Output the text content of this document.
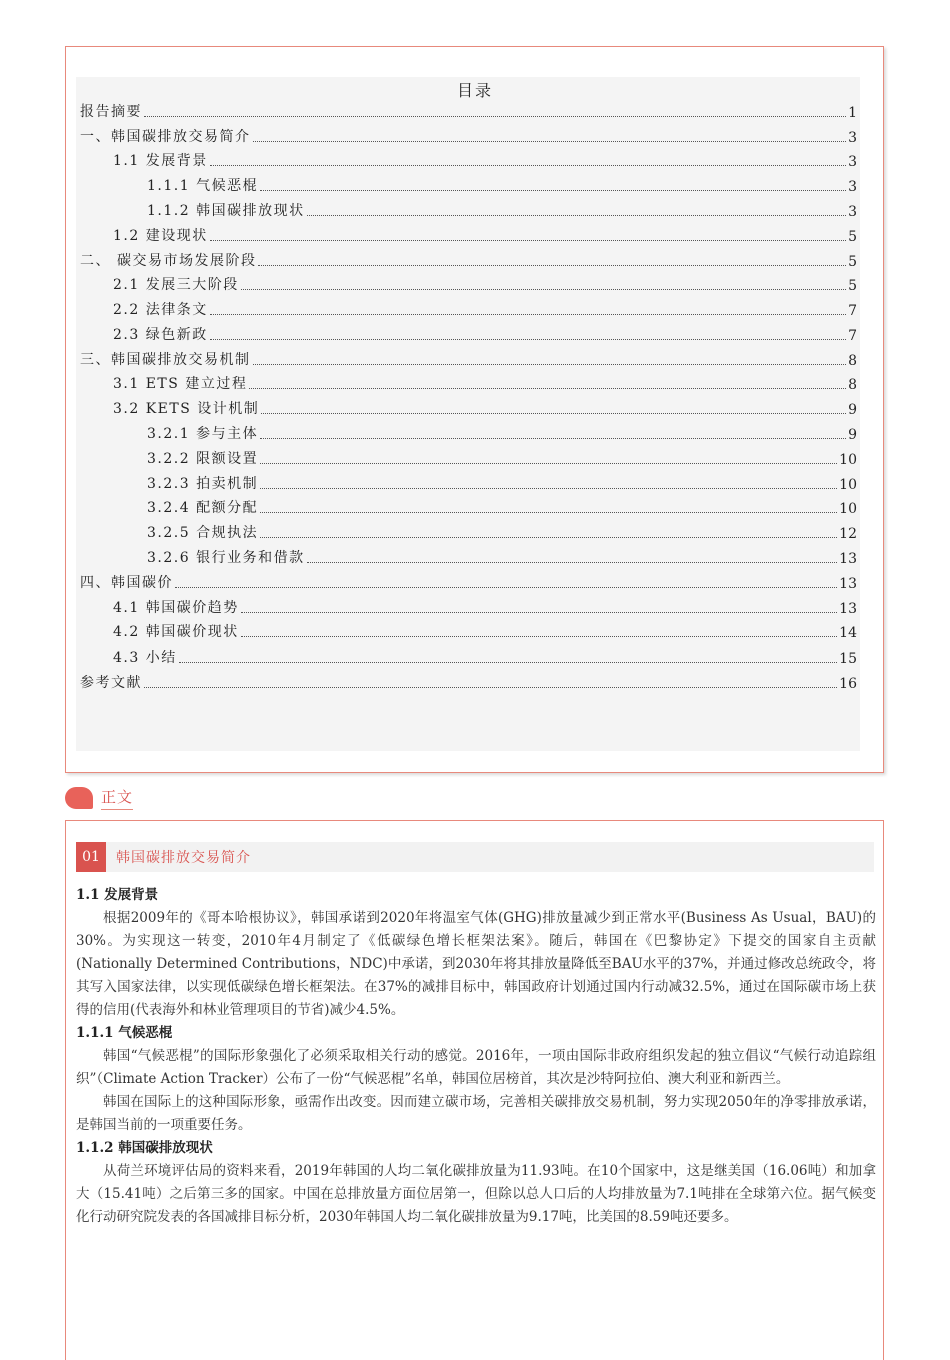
目录
报告摘要	1
一、韩国碳排放交易简介	3
1.1 发展背景	3
1.1.1 气候恶棍	3
1.1.2 韩国碳排放现状	3
1.2 建设现状	5
二、 碳交易市场发展阶段	5
2.1 发展三大阶段	5
2.2 法律条文	7
2.3 绿色新政	7
三、韩国碳排放交易机制	8
3.1 ETS 建立过程	8
3.2 KETS 设计机制	9
3.2.1 参与主体	9
3.2.2 限额设置	10
3.2.3 拍卖机制	10
3.2.4 配额分配	10
3.2.5 合规执法	12
3.2.6 银行业务和借款	13
四、韩国碳价	13
4.1 韩国碳价趋势	13
4.2 韩国碳价现状	14
4.3 小结	15
参考文献	16
正文
01	韩国碳排放交易简介

1.1 发展背景

根据2009年的《哥本哈根协议》，韩国承诺到2020年将温室气体(GHG)排放量减少到正常水平(Business As Usual，BAU)的30%。为实现这一转变，2010年4月制定了《低碳绿色增长框架法案》。随后，韩国在《巴黎协定》下提交的国家自主贡献(Nationally Determined Contributions，NDC)中承诺，到2030年将其排放量降低至BAU水平的37%，并通过修改总统政令，将其写入国家法律，以实现低碳绿色增长框架法。在37%的减排目标中，韩国政府计划通过国内行动减32.5%，通过在国际碳市场上获得的信用(代表海外和林业管理项目的节省)减少4.5%。

1.1.1 气候恶棍

韩国“气候恶棍”的国际形象强化了必须采取相关行动的感觉。2016年，一项由国际非政府组织发起的独立倡议“气候行动追踪组织”（Climate Action Tracker）公布了一份“气候恶棍”名单，韩国位居榜首，其次是沙特阿拉伯、澳大利亚和新西兰。

韩国在国际上的这种国际形象，亟需作出改变。因而建立碳市场，完善相关碳排放交易机制，努力实现2050年的净零排放承诺，是韩国当前的一项重要任务。

1.1.2 韩国碳排放现状

从荷兰环境评估局的资料来看，2019年韩国的人均二氧化碳排放量为11.93吨。在10个国家中，这是继美国（16.06吨）和加拿大（15.41吨）之后第三多的国家。中国在总排放量方面位居第一，但除以总人口后的人均排放量为7.1吨排在全球第六位。据气候变化行动研究院发表的各国减排目标分析，2030年韩国人均二氧化碳排放量为9.17吨，比美国的8.59吨还要多。
